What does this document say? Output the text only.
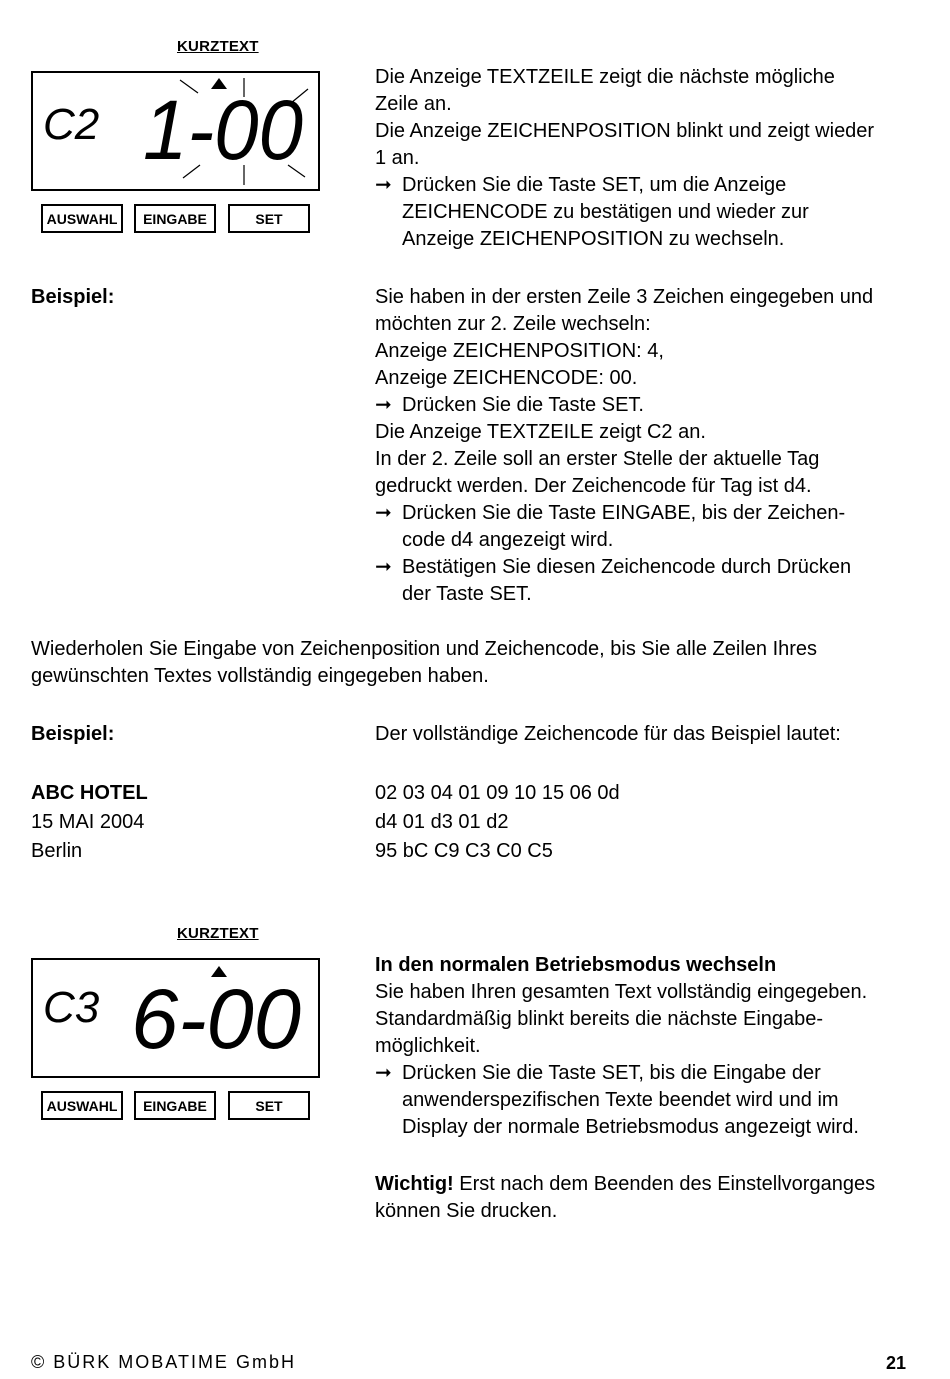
KURZTEXT
C2 1-00
AUSWAHL	EINGABE	SET
Die Anzeige TEXTZEILE zeigt die nächste mögliche
Zeile an.
Die Anzeige ZEICHENPOSITION blinkt und zeigt wieder
1 an.
➞ Drücken Sie die Taste SET, um die Anzeige
ZEICHENCODE zu bestätigen und wieder zur
Anzeige ZEICHENPOSITION zu wechseln.
Beispiel:	Sie haben in der ersten Zeile 3 Zeichen eingegeben und
möchten zur 2. Zeile wechseln:
Anzeige ZEICHENPOSITION: 4,
Anzeige ZEICHENCODE: 00.
➞ Drücken Sie die Taste SET.
Die Anzeige TEXTZEILE zeigt C2 an.
In der 2. Zeile soll an erster Stelle der aktuelle Tag
gedruckt werden. Der Zeichencode für Tag ist d4.
➞ Drücken Sie die Taste EINGABE, bis der Zeichen-
code d4 angezeigt wird.
➞ Bestätigen Sie diesen Zeichencode durch Drücken
der Taste SET.
Wiederholen Sie Eingabe von Zeichenposition und Zeichencode, bis Sie alle Zeilen Ihres
gewünschten Textes vollständig eingegeben haben.
Beispiel:	Der vollständige Zeichencode für das Beispiel lautet:
ABC HOTEL	02 03 04 01 09 10 15 06 0d
15 MAI 2004	d4 01 d3 01 d2
Berlin	95 bC C9 C3 C0 C5
KURZTEXT
C3 6-00
AUSWAHL	EINGABE	SET
In den normalen Betriebsmodus wechseln
Sie haben Ihren gesamten Text vollständig eingegeben.
Standardmäßig blinkt bereits die nächste Eingabe-
möglichkeit.
➞ Drücken Sie die Taste SET, bis die Eingabe der
anwenderspezifischen Texte beendet wird und im
Display der normale Betriebsmodus angezeigt wird.
Wichtig! Erst nach dem Beenden des Einstellvorganges
können Sie drucken.
© BÜRK MOBATIME GmbH	21
